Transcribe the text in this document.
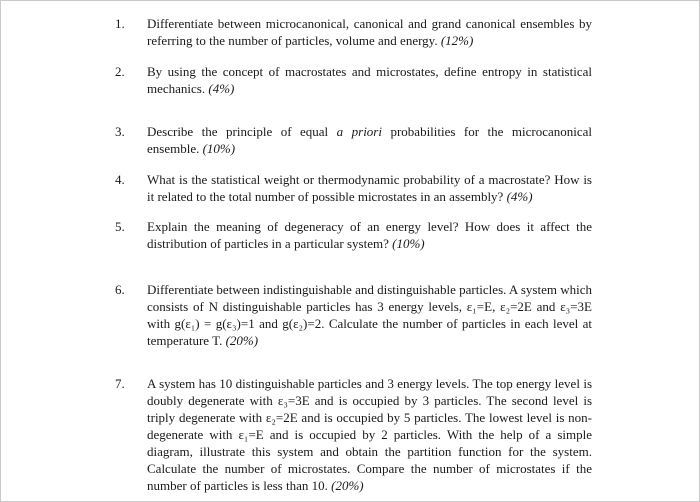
1. Differentiate between microcanonical, canonical and grand canonical ensembles by referring to the number of particles, volume and energy. (12%)
2. By using the concept of macrostates and microstates, define entropy in statistical mechanics. (4%)
3. Describe the principle of equal a priori probabilities for the microcanonical ensemble. (10%)
4. What is the statistical weight or thermodynamic probability of a macrostate? How is it related to the total number of possible microstates in an assembly? (4%)
5. Explain the meaning of degeneracy of an energy level? How does it affect the distribution of particles in a particular system? (10%)
6. Differentiate between indistinguishable and distinguishable particles. A system which consists of N distinguishable particles has 3 energy levels, ε₁=E, ε₂=2E and ε₃=3E with g(ε₁) = g(ε₃)=1 and g(ε₂)=2. Calculate the number of particles in each level at temperature T. (20%)
7. A system has 10 distinguishable particles and 3 energy levels. The top energy level is doubly degenerate with ε₃=3E and is occupied by 3 particles. The second level is triply degenerate with ε₂=2E and is occupied by 5 particles. The lowest level is non-degenerate with ε₁=E and is occupied by 2 particles. With the help of a simple diagram, illustrate this system and obtain the partition function for the system. Calculate the number of microstates. Compare the number of microstates if the number of particles is less than 10. (20%)
